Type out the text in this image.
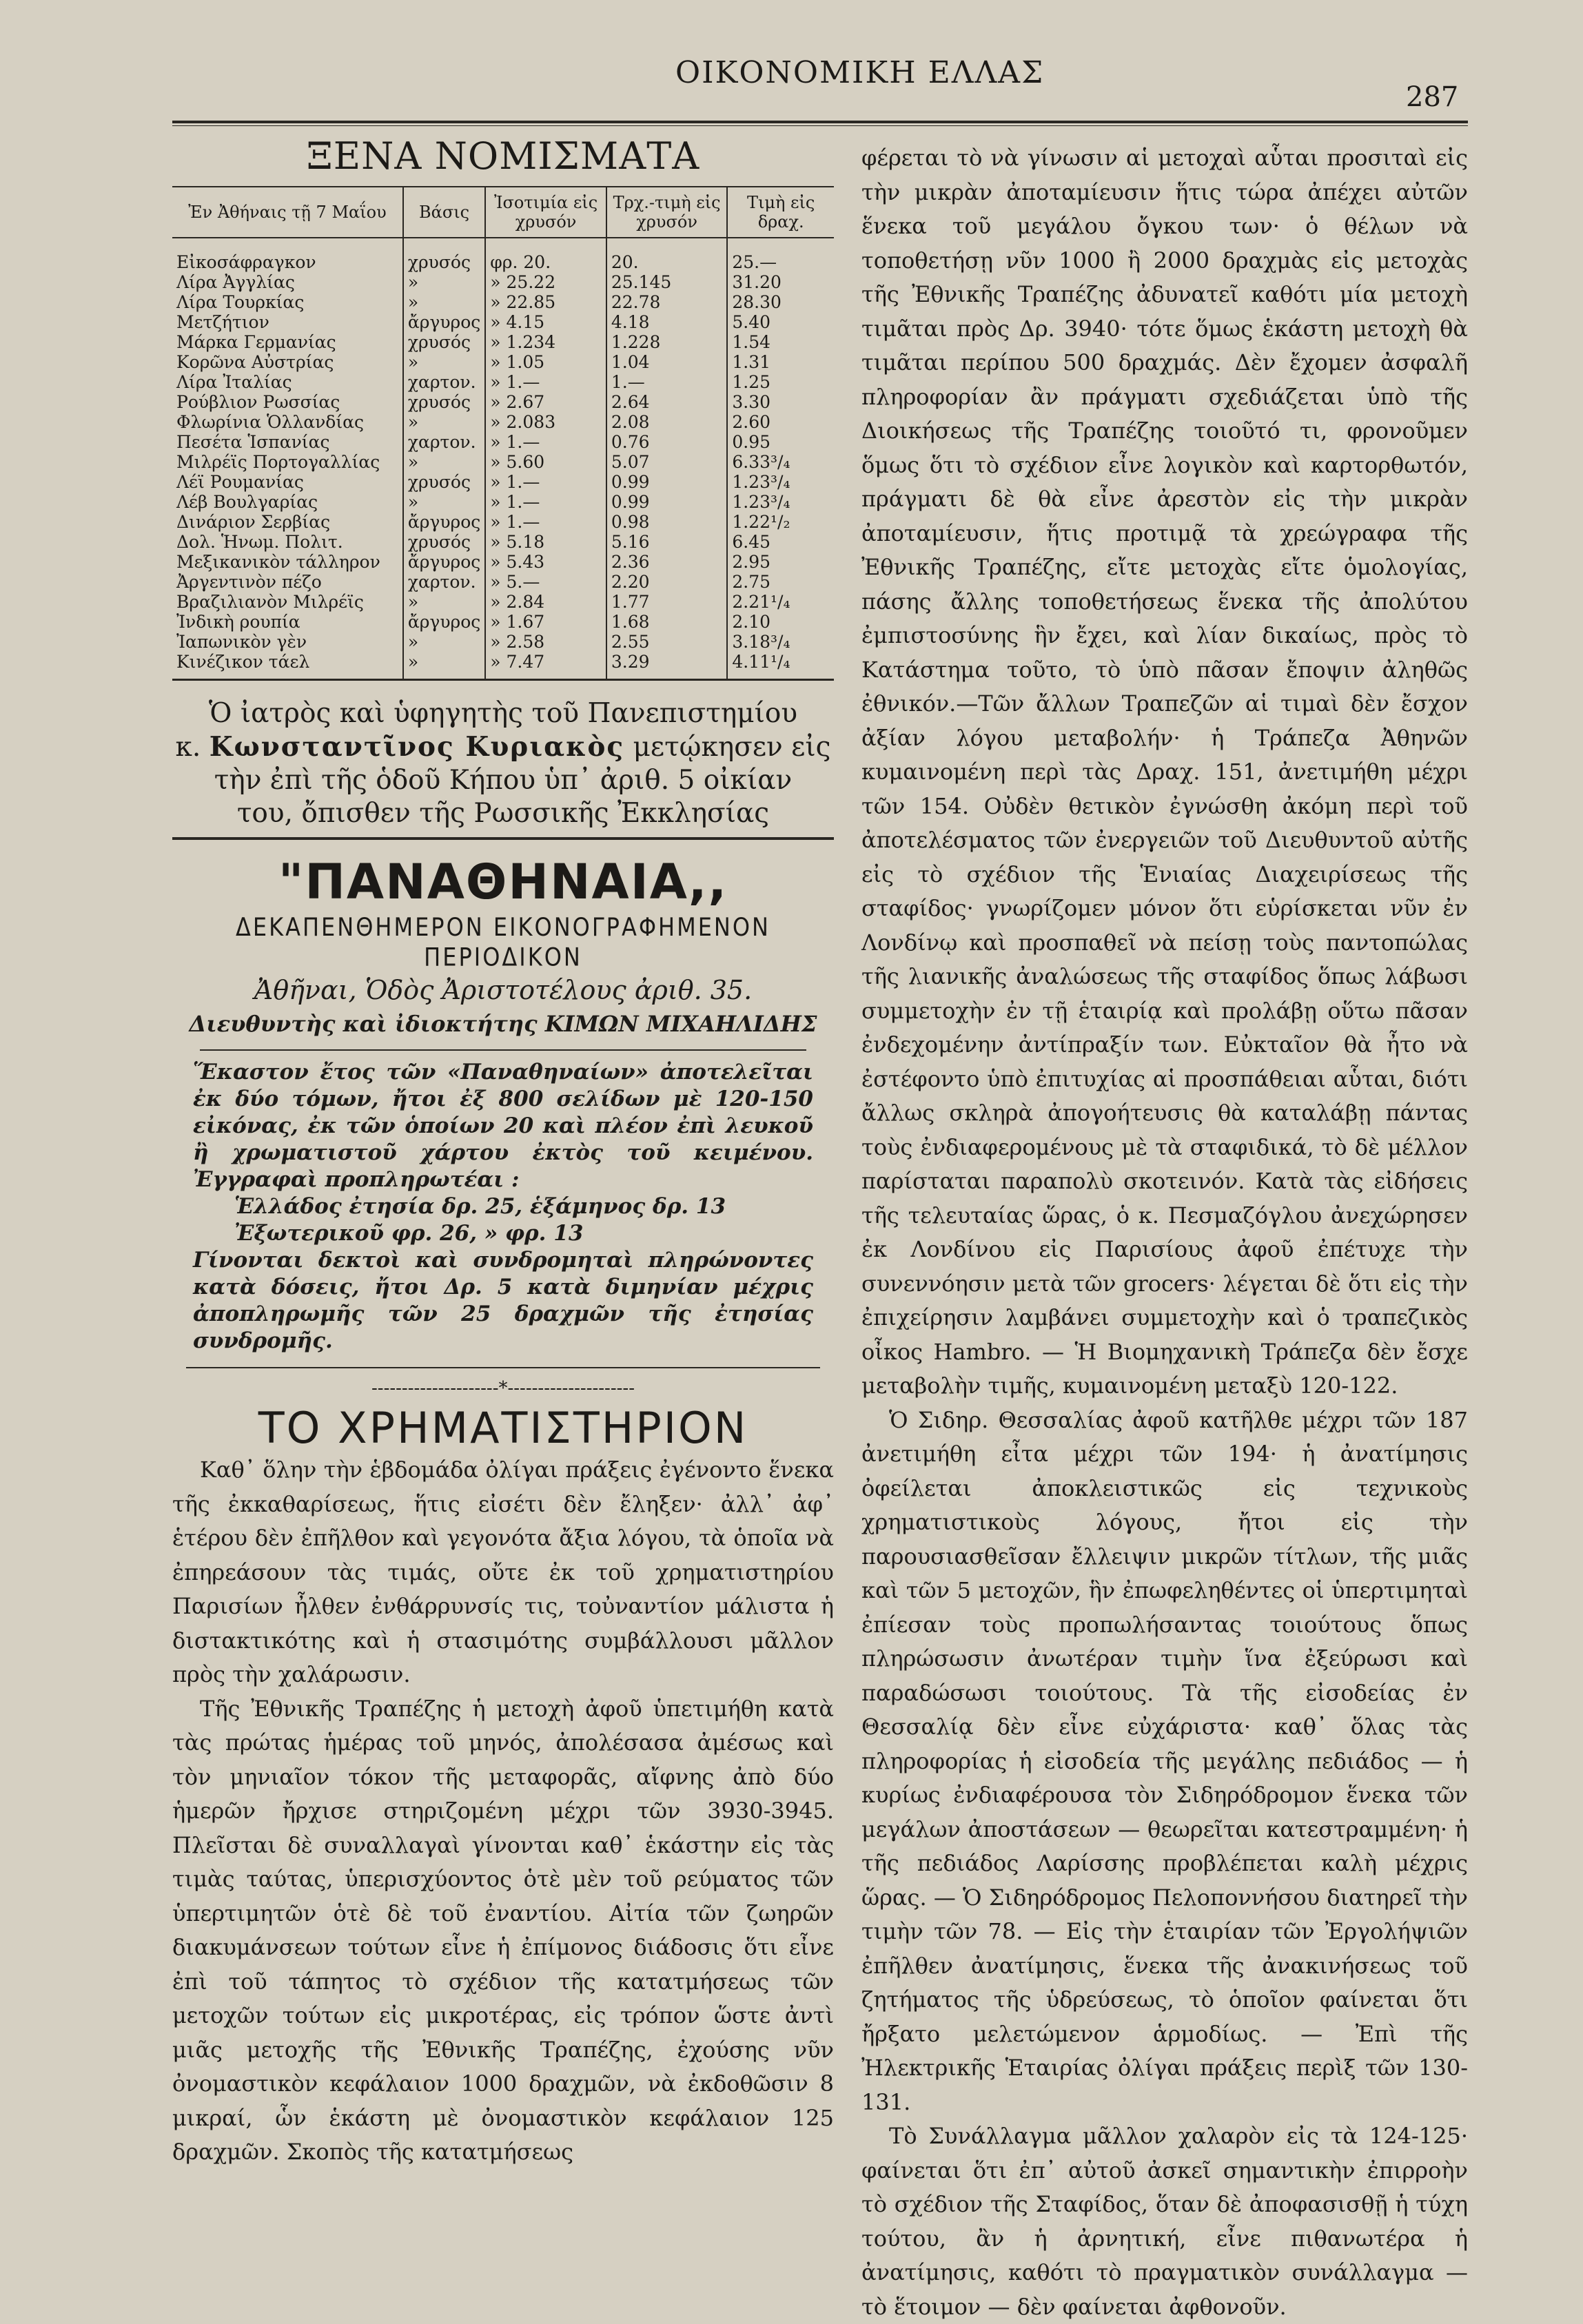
ΟΙΚΟΝΟΜΙΚΗ ΕΛΛΑΣ
287
ΞΕΝΑ ΝΟΜΙΣΜΑΤΑ
Ἐν Ἀθήναις τῇ 7 Μαΐου	Βάσις	Ἰσοτιμία εἰς χρυσόν	Τρχ.-τιμὴ εἰς χρυσόν	Τιμὴ εἰς δραχ.
Εἰκοσάφραγκον	χρυσός	φρ. 20.	20.	25.—
Λίρα Ἀγγλίας	»	» 25.22	25.145	31.20
Λίρα Τουρκίας	»	» 22.85	22.78	28.30
Μετζήτιον	ἄργυρος	» 4.15	4.18	5.40
Μάρκα Γερμανίας	χρυσός	» 1.234	1.228	1.54
Κορῶνα Αὐστρίας	»	» 1.05	1.04	1.31
Λίρα Ἰταλίας	χαρτον.	» 1.—	1.—	1.25
Ρούβλιον Ρωσσίας	χρυσός	» 2.67	2.64	3.30
Φλωρίνια Ὁλλανδίας	»	» 2.083	2.08	2.60
Πεσέτα Ἱσπανίας	χαρτον.	» 1.—	0.76	0.95
Μιλρέϊς Πορτογαλλίας	»	» 5.60	5.07	6.33³/₄
Λέϊ Ρουμανίας	χρυσός	» 1.—	0.99	1.23³/₄
Λέβ Βουλγαρίας	»	» 1.—	0.99	1.23³/₄
Δινάριον Σερβίας	ἄργυρος	» 1.—	0.98	1.22¹/₂
Δολ. Ἡνωμ. Πολιτ.	χρυσός	» 5.18	5.16	6.45
Μεξικανικὸν τάλληρον	ἄργυρος	» 5.43	2.36	2.95
Ἀργεντινὸν πέζο	χαρτον.	» 5.—	2.20	2.75
Βραζιλιανὸν Μιλρέϊς	»	» 2.84	1.77	2.21¹/₄
Ἰνδικὴ ρουπία	ἄργυρος	» 1.67	1.68	2.10
Ἰαπωνικὸν γὲν	»	» 2.58	2.55	3.18³/₄
Κινέζικον τάελ	»	» 7.47	3.29	4.11¹/₄
Ὁ ἰατρὸς καὶ ὑφηγητὴς τοῦ Πανεπιστημίου
κ. Κωνσταντῖνος Κυριακὸς μετῴκησεν εἰς
τὴν ἐπὶ τῆς ὁδοῦ Κήπου ὑπ᾽ ἀριθ. 5 οἰκίαν
του, ὄπισθεν τῆς Ρωσσικῆς Ἐκκλησίας
"ΠΑΝΑΘΗΝΑΙΑ,,
ΔΕΚΑΠΕΝΘΗΜΕΡΟΝ ΕΙΚΟΝΟΓΡΑΦΗΜΕΝΟΝ ΠΕΡΙΟΔΙΚΟΝ
Ἀθῆναι, Ὁδὸς Ἀριστοτέλους ἀριθ. 35.
Διευθυντὴς καὶ ἰδιοκτήτης ΚΙΜΩΝ ΜΙΧΑΗΛΙΔΗΣ
Ἕκαστον ἔτος τῶν «Παναθηναίων» ἀποτελεῖται ἐκ δύο τόμων, ἤτοι ἐξ 800 σελίδων μὲ 120-150 εἰκόνας, ἐκ τῶν ὁποίων 20 καὶ πλέον ἐπὶ λευκοῦ ἢ χρωματιστοῦ χάρτου ἐκτὸς τοῦ κειμένου. Ἐγγραφαὶ προπληρωτέαι :
Ἑλλάδος ἐτησία δρ. 25, ἑξάμηνος δρ. 13
Ἐξωτερικοῦ φρ. 26, » φρ. 13
Γίνονται δεκτοὶ καὶ συνδρομηταὶ πληρώνοντες κατὰ δόσεις, ἤτοι Δρ. 5 κατὰ διμηνίαν μέχρις ἀποπληρωμῆς τῶν 25 δραχμῶν τῆς ἐτησίας συνδρομῆς.
---------------------*---------------------
ΤΟ ΧΡΗΜΑΤΙΣΤΗΡΙΟΝ

Καθ᾽ ὅλην τὴν ἑβδομάδα ὀλίγαι πράξεις ἐγένοντο ἕνεκα τῆς ἐκκαθαρίσεως, ἥτις εἰσέτι δὲν ἔληξεν· ἀλλ᾽ ἀφ᾽ ἑτέρου δὲν ἐπῆλθον καὶ γεγονότα ἄξια λόγου, τὰ ὁποῖα νὰ ἐπηρεάσουν τὰς τιμάς, οὔτε ἐκ τοῦ χρηματιστηρίου Παρισίων ἦλθεν ἐνθάρρυνσίς τις, τοὐναντίον μάλιστα ἡ διστακτικότης καὶ ἡ στασιμότης συμβάλλουσι μᾶλλον πρὸς τὴν χαλάρωσιν.

Τῆς Ἐθνικῆς Τραπέζης ἡ μετοχὴ ἀφοῦ ὑπετιμήθη κατὰ τὰς πρώτας ἡμέρας τοῦ μηνός, ἀπολέσασα ἀμέσως καὶ τὸν μηνιαῖον τόκον τῆς μεταφορᾶς, αἴφνης ἀπὸ δύο ἡμερῶν ἤρχισε στηριζομένη μέχρι τῶν 3930-3945. Πλεῖσται δὲ συναλλαγαὶ γίνονται καθ᾽ ἑκάστην εἰς τὰς τιμὰς ταύτας, ὑπερισχύοντος ὁτὲ μὲν τοῦ ρεύματος τῶν ὑπερτιμητῶν ὁτὲ δὲ τοῦ ἐναντίου. Αἰτία τῶν ζωηρῶν διακυμάνσεων τούτων εἶνε ἡ ἐπίμονος διάδοσις ὅτι εἶνε ἐπὶ τοῦ τάπητος τὸ σχέδιον τῆς κατατμήσεως τῶν μετοχῶν τούτων εἰς μικροτέρας, εἰς τρόπον ὥστε ἀντὶ μιᾶς μετοχῆς τῆς Ἐθνικῆς Τραπέζης, ἐχούσης νῦν ὀνομαστικὸν κεφάλαιον 1000 δραχμῶν, νὰ ἐκδοθῶσιν 8 μικραί, ὧν ἑκάστη μὲ ὀνομαστικὸν κεφάλαιον 125 δραχμῶν. Σκοπὸς τῆς κατατμήσεως

φέρεται τὸ νὰ γίνωσιν αἱ μετοχαὶ αὗται προσιταὶ εἰς τὴν μικρὰν ἀποταμίευσιν ἥτις τώρα ἀπέχει αὐτῶν ἕνεκα τοῦ μεγάλου ὄγκου των· ὁ θέλων νὰ τοποθετήσῃ νῦν 1000 ἢ 2000 δραχμὰς εἰς μετοχὰς τῆς Ἐθνικῆς Τραπέζης ἀδυνατεῖ καθότι μία μετοχὴ τιμᾶται πρὸς Δρ. 3940· τότε ὅμως ἑκάστη μετοχὴ θὰ τιμᾶται περίπου 500 δραχμάς. Δὲν ἔχομεν ἀσφαλῆ πληροφορίαν ἂν πράγματι σχεδιάζεται ὑπὸ τῆς Διοικήσεως τῆς Τραπέζης τοιοῦτό τι, φρονοῦμεν ὅμως ὅτι τὸ σχέδιον εἶνε λογικὸν καὶ καρτορθωτόν, πράγματι δὲ θὰ εἶνε ἀρεστὸν εἰς τὴν μικρὰν ἀποταμίευσιν, ἥτις προτιμᾷ τὰ χρεώγραφα τῆς Ἐθνικῆς Τραπέζης, εἴτε μετοχὰς εἴτε ὁμολογίας, πάσης ἄλλης τοποθετήσεως ἕνεκα τῆς ἀπολύτου ἐμπιστοσύνης ἣν ἔχει, καὶ λίαν δικαίως, πρὸς τὸ Κατάστημα τοῦτο, τὸ ὑπὸ πᾶσαν ἔποψιν ἀληθῶς ἐθνικόν.—Τῶν ἄλλων Τραπεζῶν αἱ τιμαὶ δὲν ἔσχον ἀξίαν λόγου μεταβολήν· ἡ Τράπεζα Ἀθηνῶν κυμαινομένη περὶ τὰς Δραχ. 151, ἀνετιμήθη μέχρι τῶν 154. Οὐδὲν θετικὸν ἐγνώσθη ἀκόμη περὶ τοῦ ἀποτελέσματος τῶν ἐνεργειῶν τοῦ Διευθυντοῦ αὐτῆς εἰς τὸ σχέδιον τῆς Ἑνιαίας Διαχειρίσεως τῆς σταφίδος· γνωρίζομεν μόνον ὅτι εὑρίσκεται νῦν ἐν Λονδίνῳ καὶ προσπαθεῖ νὰ πείσῃ τοὺς παντοπώλας τῆς λιανικῆς ἀναλώσεως τῆς σταφίδος ὅπως λάβωσι συμμετοχὴν ἐν τῇ ἑταιρίᾳ καὶ προλάβῃ οὕτω πᾶσαν ἐνδεχομένην ἀντίπραξίν των. Εὐκταῖον θὰ ἦτο νὰ ἐστέφοντο ὑπὸ ἐπιτυχίας αἱ προσπάθειαι αὗται, διότι ἄλλως σκληρὰ ἀπογοήτευσις θὰ καταλάβῃ πάντας τοὺς ἐνδιαφερομένους μὲ τὰ σταφιδικά, τὸ δὲ μέλλον παρίσταται παραπολὺ σκοτεινόν. Κατὰ τὰς εἰδήσεις τῆς τελευταίας ὥρας, ὁ κ. Πεσμαζόγλου ἀνεχώρησεν ἐκ Λονδίνου εἰς Παρισίους ἀφοῦ ἐπέτυχε τὴν συνεννόησιν μετὰ τῶν grocers· λέγεται δὲ ὅτι εἰς τὴν ἐπιχείρησιν λαμβάνει συμμετοχὴν καὶ ὁ τραπεζικὸς οἶκος Hambro. — Ἡ Βιομηχανικὴ Τράπεζα δὲν ἔσχε μεταβολὴν τιμῆς, κυμαινομένη μεταξὺ 120-122.

Ὁ Σιδηρ. Θεσσαλίας ἀφοῦ κατῆλθε μέχρι τῶν 187 ἀνετιμήθη εἶτα μέχρι τῶν 194· ἡ ἀνατίμησις ὀφείλεται ἀποκλειστικῶς εἰς τεχνικοὺς χρηματιστικοὺς λόγους, ἤτοι εἰς τὴν παρουσιασθεῖσαν ἔλλειψιν μικρῶν τίτλων, τῆς μιᾶς καὶ τῶν 5 μετοχῶν, ἣν ἐπωφεληθέντες οἱ ὑπερτιμηταὶ ἐπίεσαν τοὺς προπωλήσαντας τοιούτους ὅπως πληρώσωσιν ἀνωτέραν τιμὴν ἵνα ἐξεύρωσι καὶ παραδώσωσι τοιούτους. Τὰ τῆς εἰσοδείας ἐν Θεσσαλίᾳ δὲν εἶνε εὐχάριστα· καθ᾽ ὅλας τὰς πληροφορίας ἡ εἰσοδεία τῆς μεγάλης πεδιάδος — ἡ κυρίως ἐνδιαφέρουσα τὸν Σιδηρόδρομον ἕνεκα τῶν μεγάλων ἀποστάσεων — θεωρεῖται κατεστραμμένη· ἡ τῆς πεδιάδος Λαρίσσης προβλέπεται καλὴ μέχρις ὥρας. — Ὁ Σιδηρόδρομος Πελοποννήσου διατηρεῖ τὴν τιμὴν τῶν 78. — Εἰς τὴν ἑταιρίαν τῶν Ἐργολήψιῶν ἐπῆλθεν ἀνατίμησις, ἕνεκα τῆς ἀνακινήσεως τοῦ ζητήματος τῆς ὑδρεύσεως, τὸ ὁποῖον φαίνεται ὅτι ἤρξατο μελετώμενον ἁρμοδίως. — Ἐπὶ τῆς Ἠλεκτρικῆς Ἑταιρίας ὀλίγαι πράξεις περὶξ τῶν 130-131.

Τὸ Συνάλλαγμα μᾶλλον χαλαρὸν εἰς τὰ 124-125· φαίνεται ὅτι ἐπ᾽ αὐτοῦ ἀσκεῖ σημαντικὴν ἐπιρροὴν τὸ σχέδιον τῆς Σταφίδος, ὅταν δὲ ἀποφασισθῇ ἡ τύχη τούτου, ἂν ἡ ἀρνητική, εἶνε πιθανωτέρα ἡ ἀνατίμησις, καθότι τὸ πραγματικὸν συνάλλαγμα — τὸ ἕτοιμον — δὲν φαίνεται ἀφθονοῦν.
